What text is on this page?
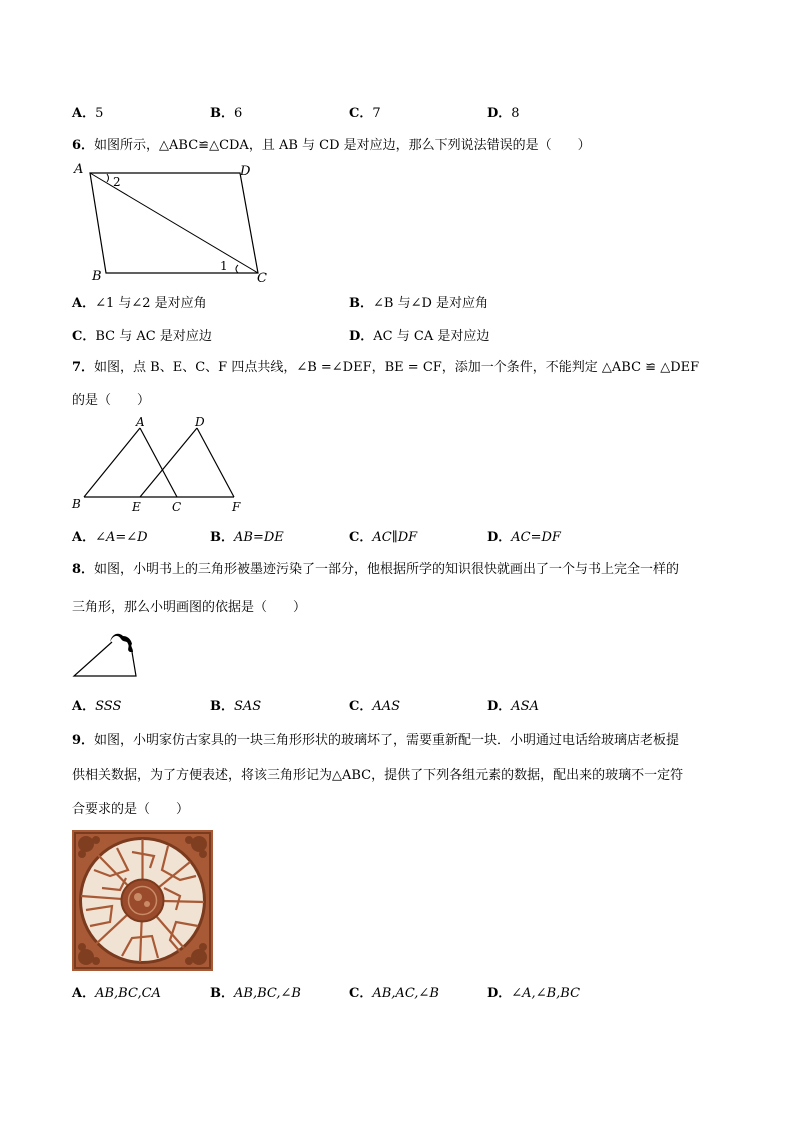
A．5	B．6	C．7	D．8
6．如图所示，△ABC≌△CDA，且 AB 与 CD 是对应边，那么下列说法错误的是（　　）
A	D
B	C
2
1
A．∠1 与∠2 是对应角	B．∠B 与∠D 是对应角
C．BC 与 AC 是对应边	D．AC 与 CA 是对应边
7．如图，点 B、E、C、F 四点共线，∠B =∠DEF，BE = CF，添加一个条件，不能判定 △ABC ≌ △DEF
的是（　　）
A	D
B	E	C	F
A．∠A=∠D	B．AB=DE	C．AC∥DF	D．AC=DF
8．如图，小明书上的三角形被墨迹污染了一部分，他根据所学的知识很快就画出了一个与书上完全一样的
三角形，那么小明画图的依据是（　　）
A．SSS	B．SAS	C．AAS	D．ASA
9．如图，小明家仿古家具的一块三角形形状的玻璃坏了，需要重新配一块．小明通过电话给玻璃店老板提
供相关数据，为了方便表述，将该三角形记为△ABC，提供了下列各组元素的数据，配出来的玻璃不一定符
合要求的是（　　）
A．AB,BC,CA	B．AB,BC,∠B	C．AB,AC,∠B	D．∠A,∠B,BC
